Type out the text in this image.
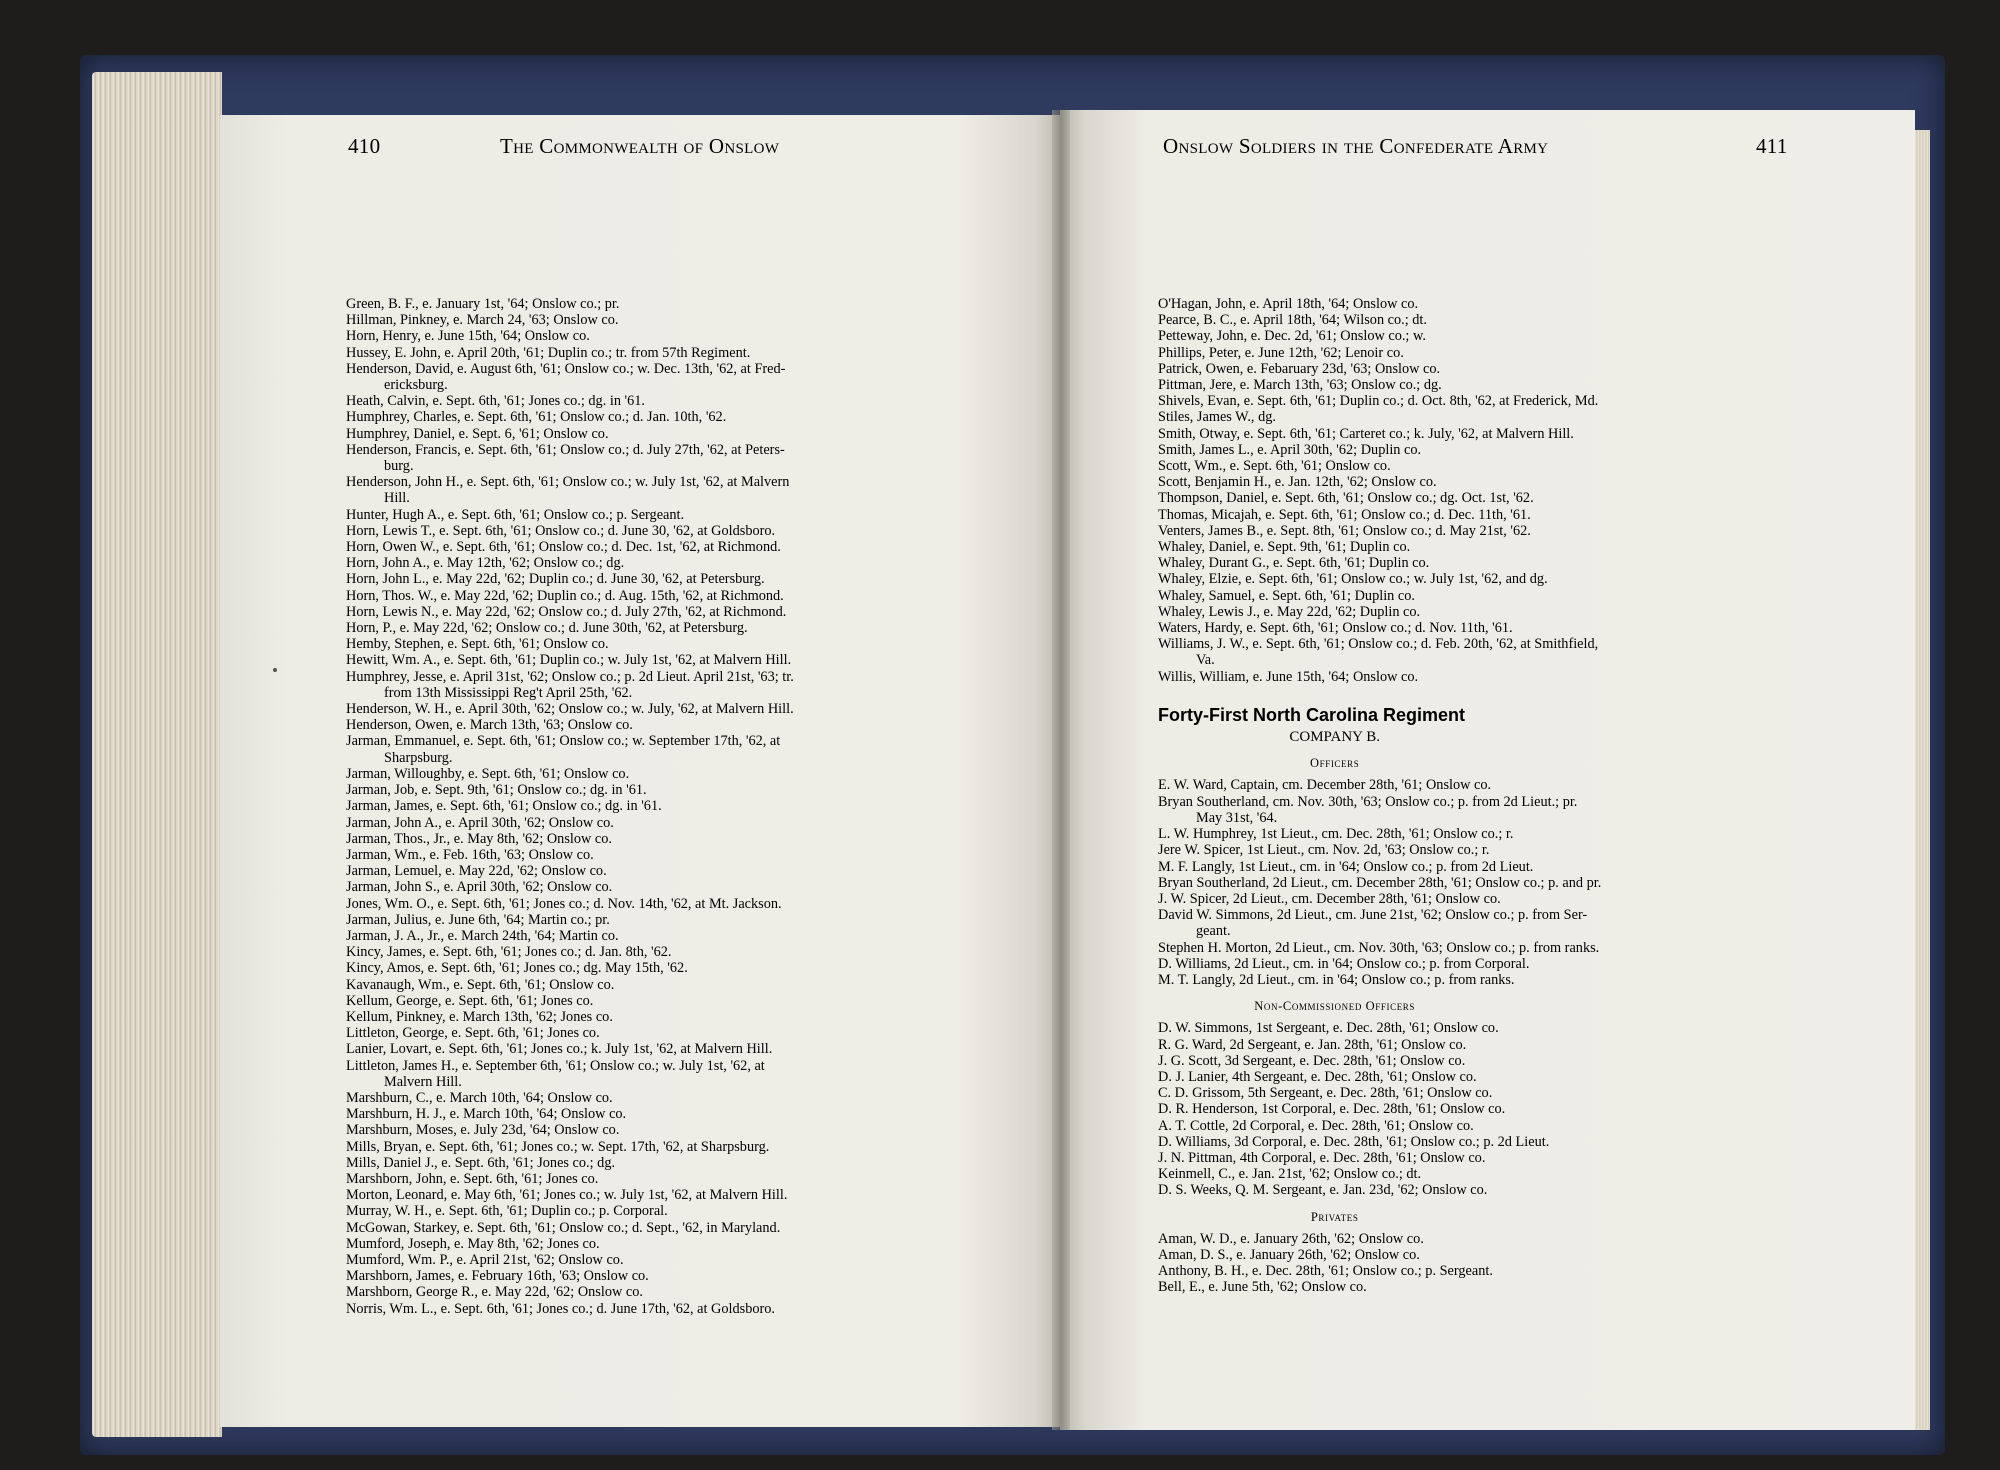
410	The Commonwealth of Onslow	Onslow Soldiers in the Confederate Army	411
Green, B. F., e. January 1st, '64; Onslow co.; pr.
Hillman, Pinkney, e. March 24, '63; Onslow co.
Horn, Henry, e. June 15th, '64; Onslow co.
Hussey, E. John, e. April 20th, '61; Duplin co.; tr. from 57th Regiment.
Henderson, David, e. August 6th, '61; Onslow co.; w. Dec. 13th, '62, at Fred-
ericksburg.
Heath, Calvin, e. Sept. 6th, '61; Jones co.; dg. in '61.
Humphrey, Charles, e. Sept. 6th, '61; Onslow co.; d. Jan. 10th, '62.
Humphrey, Daniel, e. Sept. 6, '61; Onslow co.
Henderson, Francis, e. Sept. 6th, '61; Onslow co.; d. July 27th, '62, at Peters-
burg.
Henderson, John H., e. Sept. 6th, '61; Onslow co.; w. July 1st, '62, at Malvern
Hill.
Hunter, Hugh A., e. Sept. 6th, '61; Onslow co.; p. Sergeant.
Horn, Lewis T., e. Sept. 6th, '61; Onslow co.; d. June 30, '62, at Goldsboro.
Horn, Owen W., e. Sept. 6th, '61; Onslow co.; d. Dec. 1st, '62, at Richmond.
Horn, John A., e. May 12th, '62; Onslow co.; dg.
Horn, John L., e. May 22d, '62; Duplin co.; d. June 30, '62, at Petersburg.
Horn, Thos. W., e. May 22d, '62; Duplin co.; d. Aug. 15th, '62, at Richmond.
Horn, Lewis N., e. May 22d, '62; Onslow co.; d. July 27th, '62, at Richmond.
Horn, P., e. May 22d, '62; Onslow co.; d. June 30th, '62, at Petersburg.
Hemby, Stephen, e. Sept. 6th, '61; Onslow co.
Hewitt, Wm. A., e. Sept. 6th, '61; Duplin co.; w. July 1st, '62, at Malvern Hill.
Humphrey, Jesse, e. April 31st, '62; Onslow co.; p. 2d Lieut. April 21st, '63; tr.
from 13th Mississippi Reg't April 25th, '62.
Henderson, W. H., e. April 30th, '62; Onslow co.; w. July, '62, at Malvern Hill.
Henderson, Owen, e. March 13th, '63; Onslow co.
Jarman, Emmanuel, e. Sept. 6th, '61; Onslow co.; w. September 17th, '62, at
Sharpsburg.
Jarman, Willoughby, e. Sept. 6th, '61; Onslow co.
Jarman, Job, e. Sept. 9th, '61; Onslow co.; dg. in '61.
Jarman, James, e. Sept. 6th, '61; Onslow co.; dg. in '61.
Jarman, John A., e. April 30th, '62; Onslow co.
Jarman, Thos., Jr., e. May 8th, '62; Onslow co.
Jarman, Wm., e. Feb. 16th, '63; Onslow co.
Jarman, Lemuel, e. May 22d, '62; Onslow co.
Jarman, John S., e. April 30th, '62; Onslow co.
Jones, Wm. O., e. Sept. 6th, '61; Jones co.; d. Nov. 14th, '62, at Mt. Jackson.
Jarman, Julius, e. June 6th, '64; Martin co.; pr.
Jarman, J. A., Jr., e. March 24th, '64; Martin co.
Kincy, James, e. Sept. 6th, '61; Jones co.; d. Jan. 8th, '62.
Kincy, Amos, e. Sept. 6th, '61; Jones co.; dg. May 15th, '62.
Kavanaugh, Wm., e. Sept. 6th, '61; Onslow co.
Kellum, George, e. Sept. 6th, '61; Jones co.
Kellum, Pinkney, e. March 13th, '62; Jones co.
Littleton, George, e. Sept. 6th, '61; Jones co.
Lanier, Lovart, e. Sept. 6th, '61; Jones co.; k. July 1st, '62, at Malvern Hill.
Littleton, James H., e. September 6th, '61; Onslow co.; w. July 1st, '62, at
Malvern Hill.
Marshburn, C., e. March 10th, '64; Onslow co.
Marshburn, H. J., e. March 10th, '64; Onslow co.
Marshburn, Moses, e. July 23d, '64; Onslow co.
Mills, Bryan, e. Sept. 6th, '61; Jones co.; w. Sept. 17th, '62, at Sharpsburg.
Mills, Daniel J., e. Sept. 6th, '61; Jones co.; dg.
Marshborn, John, e. Sept. 6th, '61; Jones co.
Morton, Leonard, e. May 6th, '61; Jones co.; w. July 1st, '62, at Malvern Hill.
Murray, W. H., e. Sept. 6th, '61; Duplin co.; p. Corporal.
McGowan, Starkey, e. Sept. 6th, '61; Onslow co.; d. Sept., '62, in Maryland.
Mumford, Joseph, e. May 8th, '62; Jones co.
Mumford, Wm. P., e. April 21st, '62; Onslow co.
Marshborn, James, e. February 16th, '63; Onslow co.
Marshborn, George R., e. May 22d, '62; Onslow co.
Norris, Wm. L., e. Sept. 6th, '61; Jones co.; d. June 17th, '62, at Goldsboro.
O'Hagan, John, e. April 18th, '64; Onslow co.
Pearce, B. C., e. April 18th, '64; Wilson co.; dt.
Petteway, John, e. Dec. 2d, '61; Onslow co.; w.
Phillips, Peter, e. June 12th, '62; Lenoir co.
Patrick, Owen, e. Febaruary 23d, '63; Onslow co.
Pittman, Jere, e. March 13th, '63; Onslow co.; dg.
Shivels, Evan, e. Sept. 6th, '61; Duplin co.; d. Oct. 8th, '62, at Frederick, Md.
Stiles, James W., dg.
Smith, Otway, e. Sept. 6th, '61; Carteret co.; k. July, '62, at Malvern Hill.
Smith, James L., e. April 30th, '62; Duplin co.
Scott, Wm., e. Sept. 6th, '61; Onslow co.
Scott, Benjamin H., e. Jan. 12th, '62; Onslow co.
Thompson, Daniel, e. Sept. 6th, '61; Onslow co.; dg. Oct. 1st, '62.
Thomas, Micajah, e. Sept. 6th, '61; Onslow co.; d. Dec. 11th, '61.
Venters, James B., e. Sept. 8th, '61; Onslow co.; d. May 21st, '62.
Whaley, Daniel, e. Sept. 9th, '61; Duplin co.
Whaley, Durant G., e. Sept. 6th, '61; Duplin co.
Whaley, Elzie, e. Sept. 6th, '61; Onslow co.; w. July 1st, '62, and dg.
Whaley, Samuel, e. Sept. 6th, '61; Duplin co.
Whaley, Lewis J., e. May 22d, '62; Duplin co.
Waters, Hardy, e. Sept. 6th, '61; Onslow co.; d. Nov. 11th, '61.
Williams, J. W., e. Sept. 6th, '61; Onslow co.; d. Feb. 20th, '62, at Smithfield,
Va.
Willis, William, e. June 15th, '64; Onslow co.
Forty-First North Carolina Regiment
COMPANY B.
Officers
E. W. Ward, Captain, cm. December 28th, '61; Onslow co.
Bryan Southerland, cm. Nov. 30th, '63; Onslow co.; p. from 2d Lieut.; pr.
May 31st, '64.
L. W. Humphrey, 1st Lieut., cm. Dec. 28th, '61; Onslow co.; r.
Jere W. Spicer, 1st Lieut., cm. Nov. 2d, '63; Onslow co.; r.
M. F. Langly, 1st Lieut., cm. in '64; Onslow co.; p. from 2d Lieut.
Bryan Southerland, 2d Lieut., cm. December 28th, '61; Onslow co.; p. and pr.
J. W. Spicer, 2d Lieut., cm. December 28th, '61; Onslow co.
David W. Simmons, 2d Lieut., cm. June 21st, '62; Onslow co.; p. from Ser-
geant.
Stephen H. Morton, 2d Lieut., cm. Nov. 30th, '63; Onslow co.; p. from ranks.
D. Williams, 2d Lieut., cm. in '64; Onslow co.; p. from Corporal.
M. T. Langly, 2d Lieut., cm. in '64; Onslow co.; p. from ranks.
Non-Commissioned Officers
D. W. Simmons, 1st Sergeant, e. Dec. 28th, '61; Onslow co.
R. G. Ward, 2d Sergeant, e. Jan. 28th, '61; Onslow co.
J. G. Scott, 3d Sergeant, e. Dec. 28th, '61; Onslow co.
D. J. Lanier, 4th Sergeant, e. Dec. 28th, '61; Onslow co.
C. D. Grissom, 5th Sergeant, e. Dec. 28th, '61; Onslow co.
D. R. Henderson, 1st Corporal, e. Dec. 28th, '61; Onslow co.
A. T. Cottle, 2d Corporal, e. Dec. 28th, '61; Onslow co.
D. Williams, 3d Corporal, e. Dec. 28th, '61; Onslow co.; p. 2d Lieut.
J. N. Pittman, 4th Corporal, e. Dec. 28th, '61; Onslow co.
Keinmell, C., e. Jan. 21st, '62; Onslow co.; dt.
D. S. Weeks, Q. M. Sergeant, e. Jan. 23d, '62; Onslow co.
Privates
Aman, W. D., e. January 26th, '62; Onslow co.
Aman, D. S., e. January 26th, '62; Onslow co.
Anthony, B. H., e. Dec. 28th, '61; Onslow co.; p. Sergeant.
Bell, E., e. June 5th, '62; Onslow co.
